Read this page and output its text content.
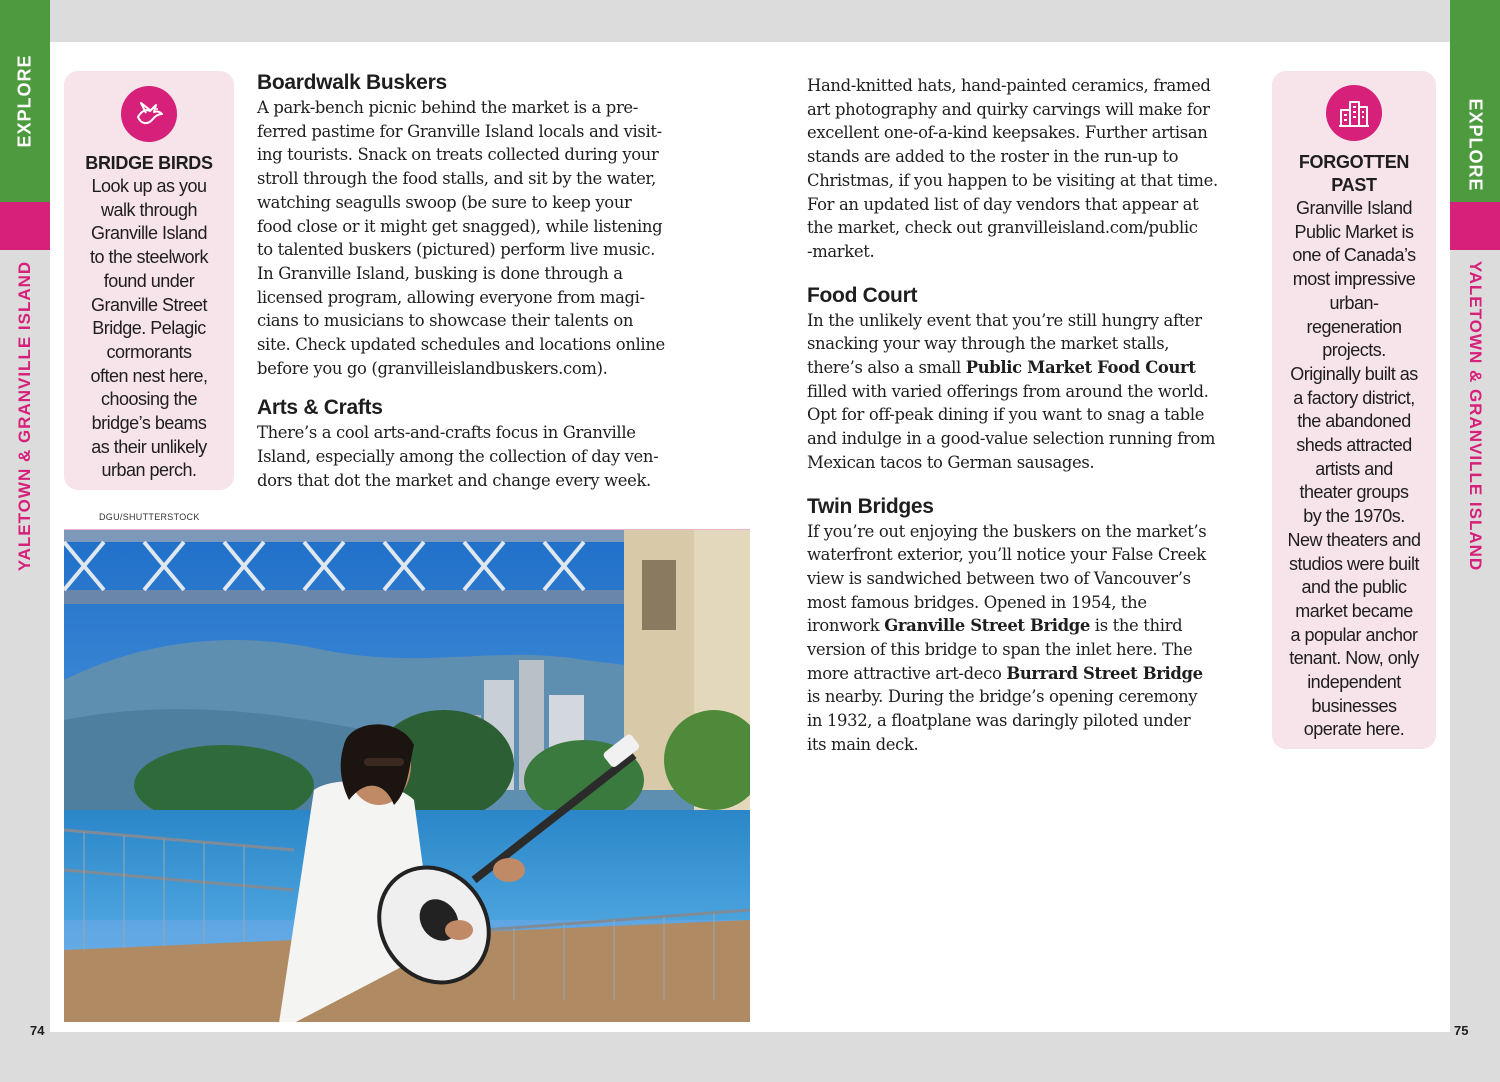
EXPLORE
YALETOWN & GRANVILLE ISLAND
EXPLORE
YALETOWN & GRANVILLE ISLAND
BRIDGE BIRDS
Look up as you
walk through
Granville Island
to the steelwork
found under
Granville Street
Bridge. Pelagic
cormorants
often nest here,
choosing the
bridge’s beams
as their unlikely
urban perch.
Boardwalk Buskers
A park-bench picnic behind the market is a pre-
ferred pastime for Granville Island locals and visit-
ing tourists. Snack on treats collected during your
stroll through the food stalls, and sit by the water,
watching seagulls swoop (be sure to keep your
food close or it might get snagged), while listening
to talented buskers (pictured) perform live music.
In Granville Island, busking is done through a
licensed program, allowing everyone from magi-
cians to musicians to showcase their talents on
site. Check updated schedules and locations online
before you go (granvilleislandbuskers.com).
Arts & Crafts
There’s a cool arts-and-crafts focus in Granville
Island, especially among the collection of day ven-
dors that dot the market and change every week.
DGU/SHUTTERSTOCK
Hand-knitted hats, hand-painted ceramics, framed
art photography and quirky carvings will make for
excellent one-of-a-kind keepsakes. Further artisan
stands are added to the roster in the run-up to
Christmas, if you happen to be visiting at that time.
For an updated list of day vendors that appear at
the market, check out granvilleisland.com/public
-market.
Food Court
In the unlikely event that you’re still hungry after
snacking your way through the market stalls,
there’s also a small Public Market Food Court
filled with varied offerings from around the world.
Opt for off-peak dining if you want to snag a table
and indulge in a good-value selection running from
Mexican tacos to German sausages.
Twin Bridges
If you’re out enjoying the buskers on the market’s
waterfront exterior, you’ll notice your False Creek
view is sandwiched between two of Vancouver’s
most famous bridges. Opened in 1954, the
ironwork Granville Street Bridge is the third
version of this bridge to span the inlet here. The
more attractive art-deco Burrard Street Bridge
is nearby. During the bridge’s opening ceremony
in 1932, a floatplane was daringly piloted under
its main deck.
FORGOTTEN
PAST
Granville Island
Public Market is
one of Canada’s
most impressive
urban-
regeneration
projects.
Originally built as
a factory district,
the abandoned
sheds attracted
artists and
theater groups
by the 1970s.
New theaters and
studios were built
and the public
market became
a popular anchor
tenant. Now, only
independent
businesses
operate here.
74	75
